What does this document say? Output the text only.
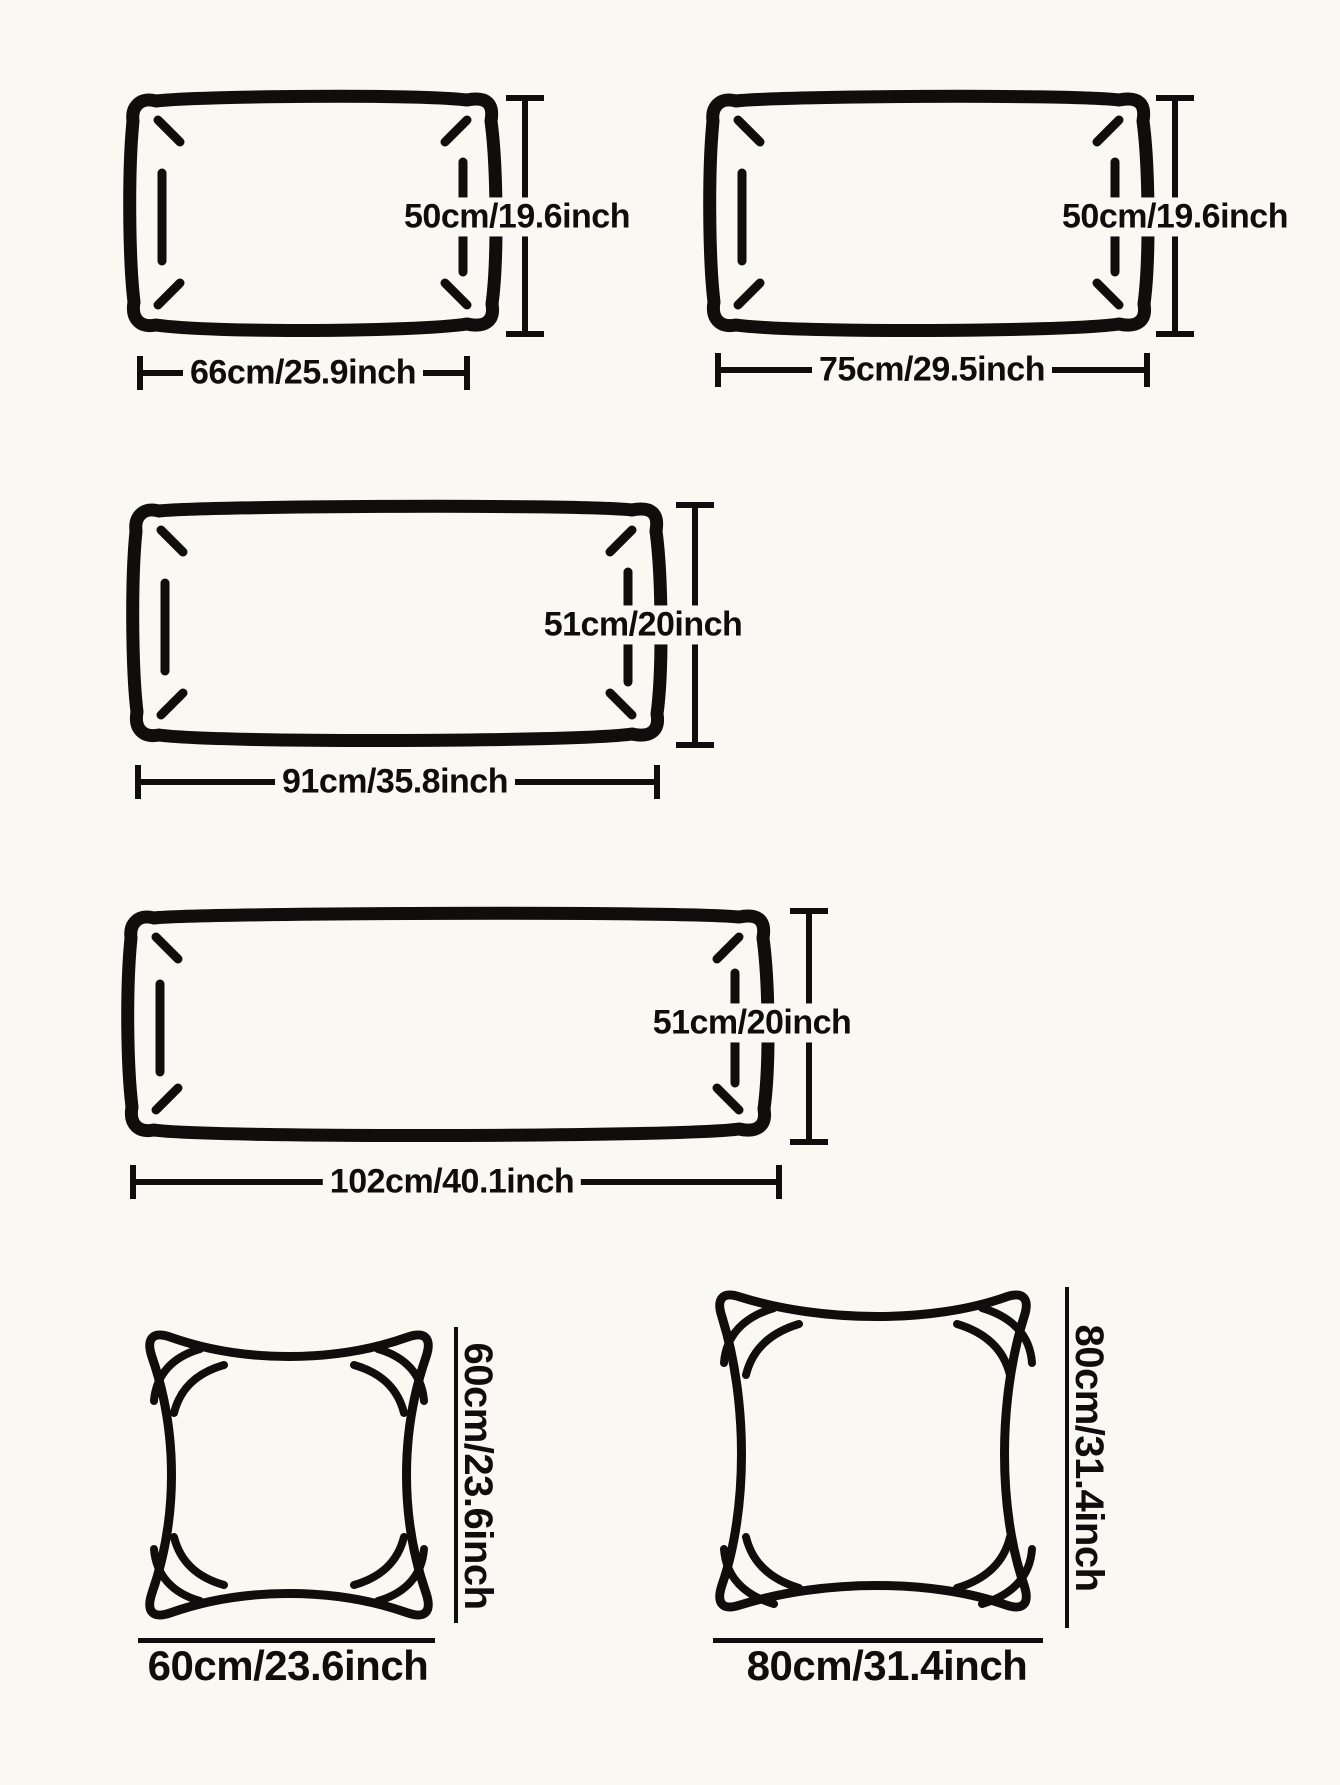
50cm/19.6inch
66cm/25.9inch
50cm/19.6inch
75cm/29.5inch
51cm/20inch
91cm/35.8inch
51cm/20inch
102cm/40.1inch
60cm/23.6inch
60cm/23.6inch
80cm/31.4inch
80cm/31.4inch
